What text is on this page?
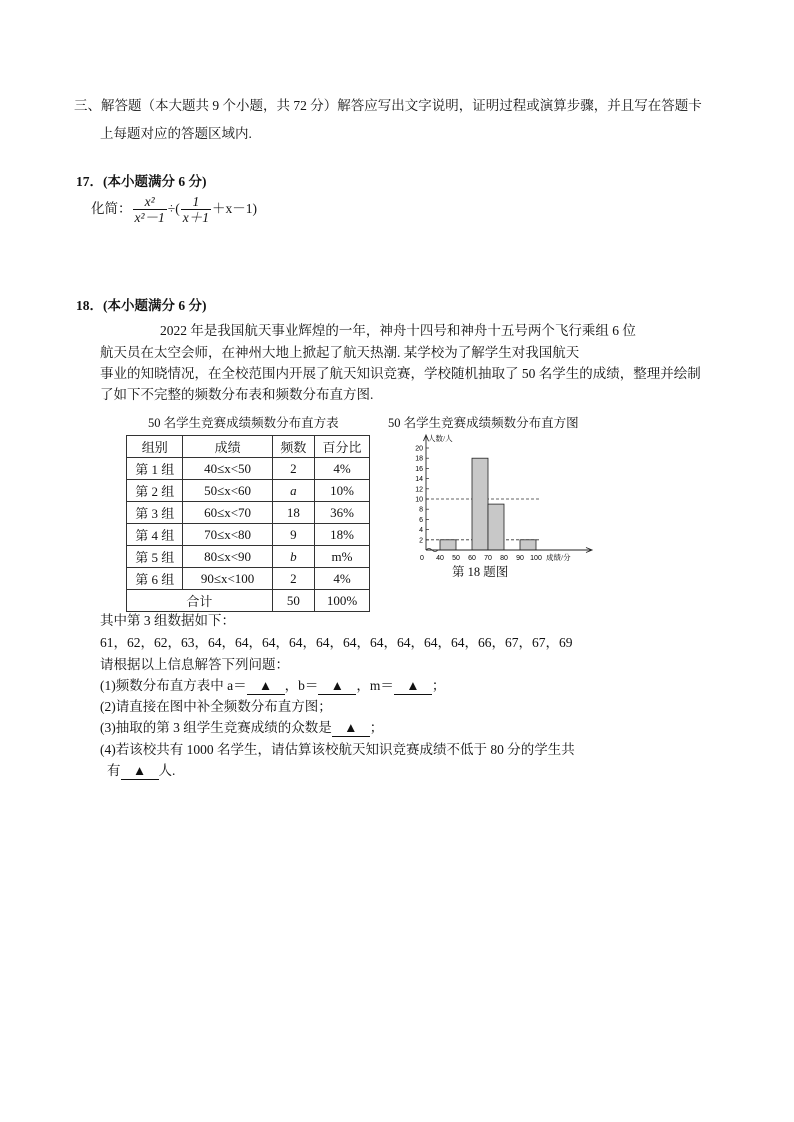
三、解答题（本大题共 9 个小题，共 72 分）解答应写出文字说明，证明过程或演算步骤，并且写在答题卡
上每题对应的答题区域内.
17．(本小题满分 6 分)
化简： $\frac{\text{x²}}{\text{x²－1}}$ ÷( $\frac{1}{x+1} +x-1$)
18．(本小题满分 6 分)
2022 年是我国航天事业辉煌的一年，神舟十四号和神舟十五号两个飞行乘组 6 位
航天员在太空会师，在神州大地上掀起了航天热潮. 某学校为了解学生对我国航天
事业的知晓情况，在全校范围内开展了航天知识竞赛，学校随机抽取了 50 名学生的成绩，整理并绘制
了如下不完整的频数分布表和频数分布直方图.
50 名学生竞赛成绩频数分布直方表
组别	成绩	频数	百分比
第 1 组	40≤x<50	2	4%
第 2 组	50≤x<60	a	10%
第 3 组	60≤x<70	18	36%
第 4 组	70≤x<80	9	18%
第 5 组	80≤x<90	b	m%
第 6 组	90≤x<100	2	4%
合计		50	100%
50 名学生竞赛成绩频数分布直方图
2
4
6
8
10
12
14
16
18
20
40 50 60 70 80 90 100
0
人数/人
成绩/分
第 18 题图
其中第 3 组数据如下：
61，62，62，63，64，64，64，64，64，64，64，64，64，64，66，67，67，69
请根据以上信息解答下列问题：
(1)频数分布直方表中 a＝ ▲ ，b＝ ▲ ，m＝ ▲ ；
(2)请直接在图中补全频数分布直方图；
(3)抽取的第 3 组学生竞赛成绩的众数是 ▲ ；
(4)若该校共有 1000 名学生，请估算该校航天知识竞赛成绩不低于 80 分的学生共
有 ▲ 人.
